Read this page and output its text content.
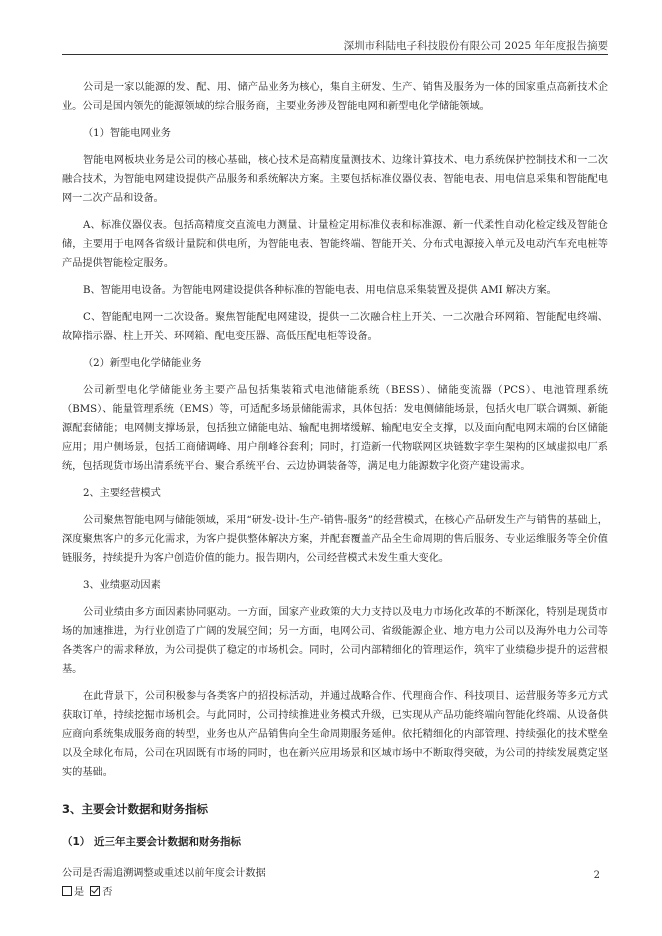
深圳市科陆电子科技股份有限公司 2025 年年度报告摘要

公司是一家以能源的发、配、用、储产品业务为核心，集自主研发、生产、销售及服务为一体的国家重点高新技术企业。公司是国内领先的能源领域的综合服务商，主要业务涉及智能电网和新型电化学储能领域。

（1）智能电网业务

智能电网板块业务是公司的核心基础，核心技术是高精度量测技术、边缘计算技术、电力系统保护控制技术和一二次融合技术，为智能电网建设提供产品服务和系统解决方案。主要包括标准仪器仪表、智能电表、用电信息采集和智能配电网一二次产品和设备。

A、标准仪器仪表。包括高精度交直流电力测量、计量检定用标准仪表和标准源、新一代柔性自动化检定线及智能仓储，主要用于电网各省级计量院和供电所，为智能电表、智能终端、智能开关、分布式电源接入单元及电动汽车充电桩等产品提供智能检定服务。

B、智能用电设备。为智能电网建设提供各种标准的智能电表、用电信息采集装置及提供 AMI 解决方案。

C、智能配电网一二次设备。聚焦智能配电网建设，提供一二次融合柱上开关、一二次融合环网箱、智能配电终端、故障指示器、柱上开关、环网箱、配电变压器、高低压配电柜等设备。

（2）新型电化学储能业务

公司新型电化学储能业务主要产品包括集装箱式电池储能系统（BESS）、储能变流器（PCS）、电池管理系统（BMS）、能量管理系统（EMS）等，可适配多场景储能需求，具体包括：发电侧储能场景，包括火电厂联合调频、新能源配套储能；电网侧支撑场景，包括独立储能电站、输配电拥堵缓解、输配电安全支撑，以及面向配电网末端的台区储能应用；用户侧场景，包括工商储调峰、用户削峰谷套利；同时，打造新一代物联网区块链数字孪生架构的区域虚拟电厂系统，包括现货市场出清系统平台、聚合系统平台、云边协调装备等，满足电力能源数字化资产建设需求。

2、主要经营模式

公司聚焦智能电网与储能领域，采用“研发-设计-生产-销售-服务”的经营模式，在核心产品研发生产与销售的基础上，深度聚焦客户的多元化需求，为客户提供整体解决方案，并配套覆盖产品全生命周期的售后服务、专业运维服务等全价值链服务，持续提升为客户创造价值的能力。报告期内，公司经营模式未发生重大变化。

3、业绩驱动因素

公司业绩由多方面因素协同驱动。一方面，国家产业政策的大力支持以及电力市场化改革的不断深化，特别是现货市场的加速推进，为行业创造了广阔的发展空间；另一方面，电网公司、省级能源企业、地方电力公司以及海外电力公司等各类客户的需求释放，为公司提供了稳定的市场机会。同时，公司内部精细化的管理运作，筑牢了业绩稳步提升的运营根基。

在此背景下，公司积极参与各类客户的招投标活动，并通过战略合作、代理商合作、科技项目、运营服务等多元方式获取订单，持续挖掘市场机会。与此同时，公司持续推进业务模式升级，已实现从产品功能终端向智能化终端、从设备供应商向系统集成服务商的转型，业务也从产品销售向全生命周期服务延伸。依托精细化的内部管理、持续强化的技术壁垒以及全球化布局，公司在巩固既有市场的同时，也在新兴应用场景和区域市场中不断取得突破，为公司的持续发展奠定坚实的基础。

3、主要会计数据和财务指标

（1） 近三年主要会计数据和财务指标

公司是否需追溯调整或重述以前年度会计数据

是 否

2
